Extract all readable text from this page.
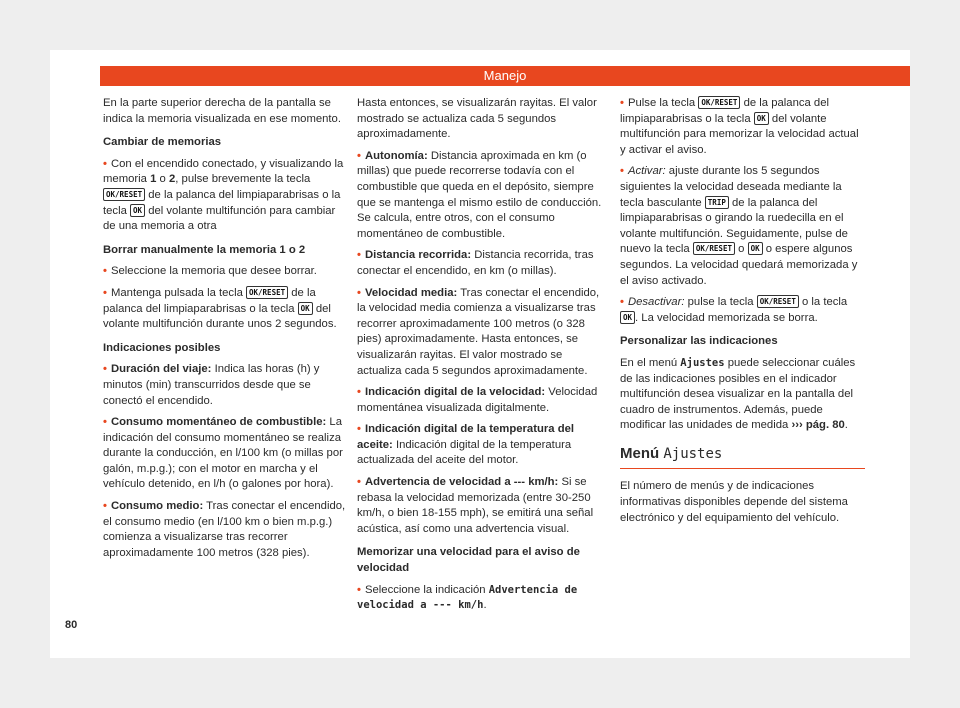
Manejo

En la parte superior derecha de la pantalla se indica la memoria visualizada en ese momento.

Cambiar de memorias

• Con el encendido conectado, y visualizando la memoria 1 o 2, pulse brevemente la tecla OK/RESET de la palanca del limpiaparabrisas o la tecla OK del volante multifunción para cambiar de una memoria a otra

Borrar manualmente la memoria 1 o 2

• Seleccione la memoria que desee borrar.

• Mantenga pulsada la tecla OK/RESET de la palanca del limpiaparabrisas o la tecla OK del volante multifunción durante unos 2 segundos.

Indicaciones posibles

• Duración del viaje: Indica las horas (h) y minutos (min) transcurridos desde que se conectó el encendido.

• Consumo momentáneo de combustible: La indicación del consumo momentáneo se realiza durante la conducción, en l/100 km (o millas por galón, m.p.g.); con el motor en marcha y el vehículo detenido, en l/h (o galones por hora).

• Consumo medio: Tras conectar el encendido, el consumo medio (en l/100 km o bien m.p.g.) comienza a visualizarse tras recorrer aproximadamente 100 metros (328 pies).

Hasta entonces, se visualizarán rayitas. El valor mostrado se actualiza cada 5 segundos aproximadamente.

• Autonomía: Distancia aproximada en km (o millas) que puede recorrerse todavía con el combustible que queda en el depósito, siempre que se mantenga el mismo estilo de conducción. Se calcula, entre otros, con el consumo momentáneo de combustible.

• Distancia recorrida: Distancia recorrida, tras conectar el encendido, en km (o millas).

• Velocidad media: Tras conectar el encendido, la velocidad media comienza a visualizarse tras recorrer aproximadamente 100 metros (o 328 pies) aproximadamente. Hasta entonces, se visualizarán rayitas. El valor mostrado se actualiza cada 5 segundos aproximadamente.

• Indicación digital de la velocidad: Velocidad momentánea visualizada digitalmente.

• Indicación digital de la temperatura del aceite: Indicación digital de la temperatura actualizada del aceite del motor.

• Advertencia de velocidad a --- km/h: Si se rebasa la velocidad memorizada (entre 30-250 km/h, o bien 18-155 mph), se emitirá una señal acústica, así como una advertencia visual.

Memorizar una velocidad para el aviso de velocidad

• Seleccione la indicación Advertencia de velocidad a --- km/h.

• Pulse la tecla OK/RESET de la palanca del limpiaparabrisas o la tecla OK del volante multifunción para memorizar la velocidad actual y activar el aviso.

• Activar: ajuste durante los 5 segundos siguientes la velocidad deseada mediante la tecla basculante TRIP de la palanca del limpiaparabrisas o girando la ruedecilla en el volante multifunción. Seguidamente, pulse de nuevo la tecla OK/RESET o OK o espere algunos segundos. La velocidad quedará memorizada y el aviso activado.

• Desactivar: pulse la tecla OK/RESET o la tecla OK . La velocidad memorizada se borra.

Personalizar las indicaciones

En el menú Ajustes puede seleccionar cuáles de las indicaciones posibles en el indicador multifunción desea visualizar en la pantalla del cuadro de instrumentos. Además, puede modificar las unidades de medida ››› pág. 80.

Menú Ajustes

El número de menús y de indicaciones informativas disponibles depende del sistema electrónico y del equipamiento del vehículo.

80
